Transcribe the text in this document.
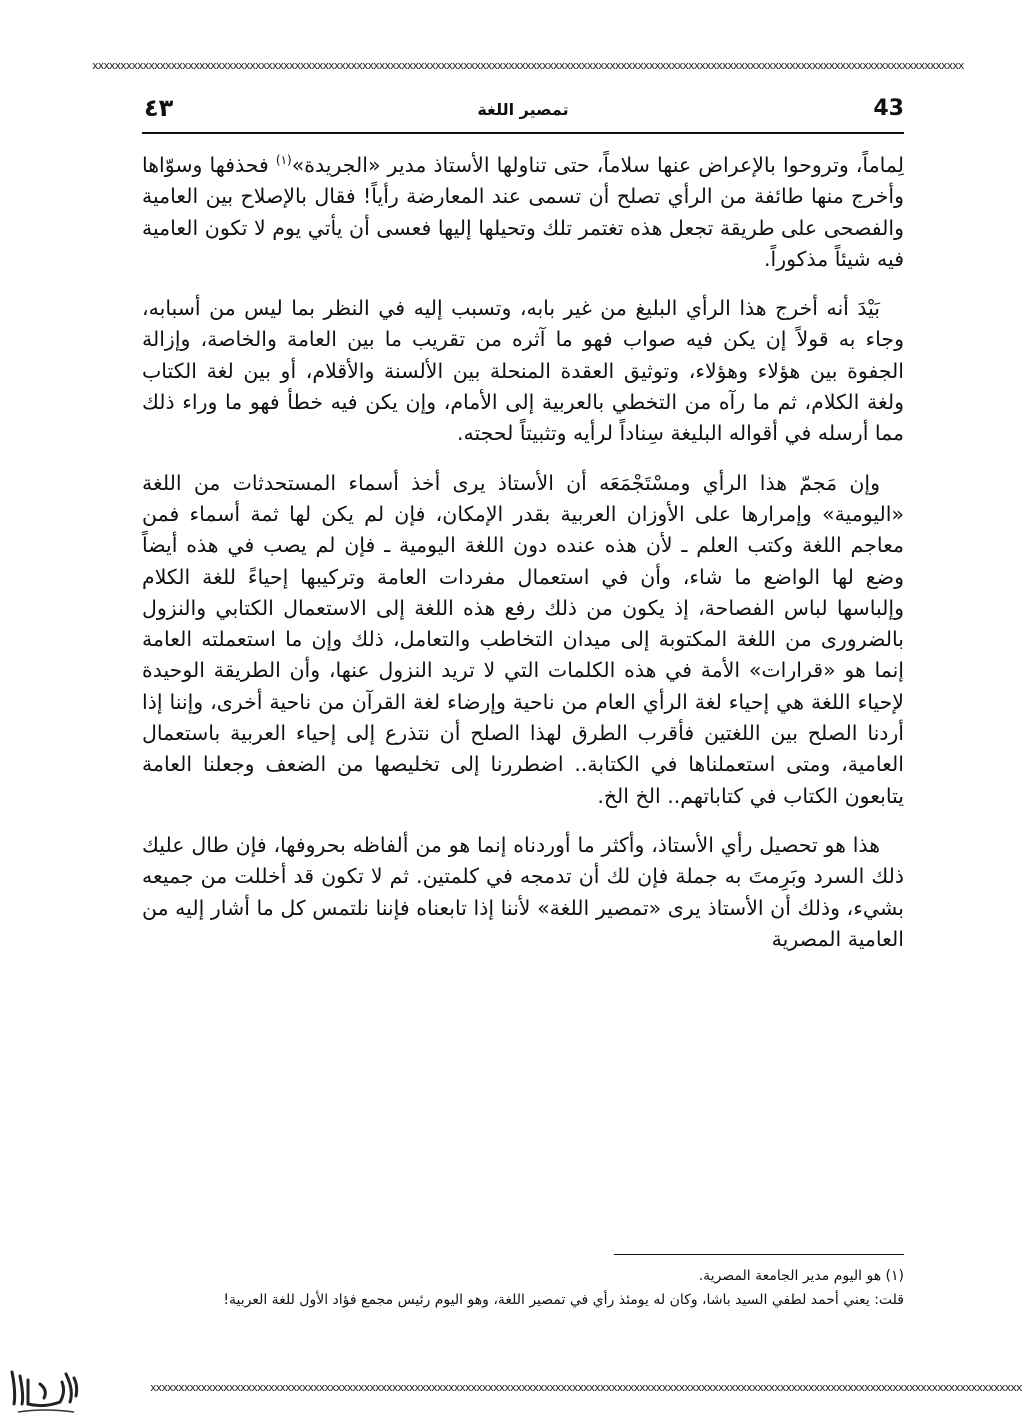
xxxxxxxxxxxxxxxxxxxxxxxxxxxxxxxxxxxxxxxxxxxxxxxxxxxxxxxxxxxxxxxxxxxxxxxxxxxxxxxxxxxxxxxxxxxxxxxxxxxxxxxxxxxxxxxxxxxxxxxxxxxxxxxxxxxxxxxxxxxxxxxxxxxxxxxxxxx
43
تمصير اللغة
٤٣

لِماماً، وتروحوا بالإعراض عنها سلاماً، حتى تناولها الأستاذ مدير «الجريدة»$^{(١)}$ فحذفها وسوّاها وأخرج منها طائفة من الرأي تصلح أن تسمى عند المعارضة رأياً! فقال بالإصلاح بين العامية والفصحى على طريقة تجعل هذه تغتمر تلك وتحيلها إليها فعسى أن يأتي يوم لا تكون العامية فيه شيئاً مذكوراً.

بَيْدَ أنه أخرج هذا الرأي البليغ من غير بابه، وتسبب إليه في النظر بما ليس من أسبابه، وجاء به قولاً إن يكن فيه صواب فهو ما آثره من تقريب ما بين العامة والخاصة، وإزالة الجفوة بين هؤلاء وهؤلاء، وتوثيق العقدة المنحلة بين الألسنة والأقلام، أو بين لغة الكتاب ولغة الكلام، ثم ما رآه من التخطي بالعربية إلى الأمام، وإن يكن فيه خطأ فهو ما وراء ذلك مما أرسله في أقواله البليغة سِناداً لرأيه وتثبيتاً لحجته.

وإن مَجمّ هذا الرأي ومسْتَجْمَعَه أن الأستاذ يرى أخذ أسماء المستحدثات من اللغة «اليومية» وإمرارها على الأوزان العربية بقدر الإمكان، فإن لم يكن لها ثمة أسماء فمن معاجم اللغة وكتب العلم ـ لأن هذه عنده دون اللغة اليومية ـ فإن لم يصب في هذه أيضاً وضع لها الواضع ما شاء، وأن في استعمال مفردات العامة وتركيبها إحياءً للغة الكلام وإلباسها لباس الفصاحة، إذ يكون من ذلك رفع هذه اللغة إلى الاستعمال الكتابي والنزول بالضرورى من اللغة المكتوبة إلى ميدان التخاطب والتعامل، ذلك وإن ما استعملته العامة إنما هو «قرارات» الأمة في هذه الكلمات التي لا تريد النزول عنها، وأن الطريقة الوحيدة لإحياء اللغة هي إحياء لغة الرأي العام من ناحية وإرضاء لغة القرآن من ناحية أخرى، وإننا إذا أردنا الصلح بين اللغتين فأقرب الطرق لهذا الصلح أن نتذرع إلى إحياء العربية باستعمال العامية، ومتى استعملناها في الكتابة.. اضطررنا إلى تخليصها من الضعف وجعلنا العامة يتابعون الكتاب في كتاباتهم.. الخ الخ.

هذا هو تحصيل رأي الأستاذ، وأكثر ما أوردناه إنما هو من ألفاظه بحروفها، فإن طال عليك ذلك السرد وبَرِمتَ به جملة فإن لك أن تدمجه في كلمتين. ثم لا تكون قد أخللت من جميعه بشيء، وذلك أن الأستاذ يرى «تمصير اللغة» لأننا إذا تابعناه فإننا نلتمس كل ما أشار إليه من العامية المصرية

(١) هو اليوم مدير الجامعة المصرية.

قلت: يعني أحمد لطفي السيد باشا، وكان له يومئذ رأي في تمصير اللغة، وهو اليوم رئيس مجمع فؤاد الأول للغة العربية!

xxxxxxxxxxxxxxxxxxxxxxxxxxxxxxxxxxxxxxxxxxxxxxxxxxxxxxxxxxxxxxxxxxxxxxxxxxxxxxxxxxxxxxxxxxxxxxxxxxxxxxxxxxxxxxxxxxxxxxxxxxxxxxxxxxxxxxxxxxxxxxxxxxxxxxxxxxx
